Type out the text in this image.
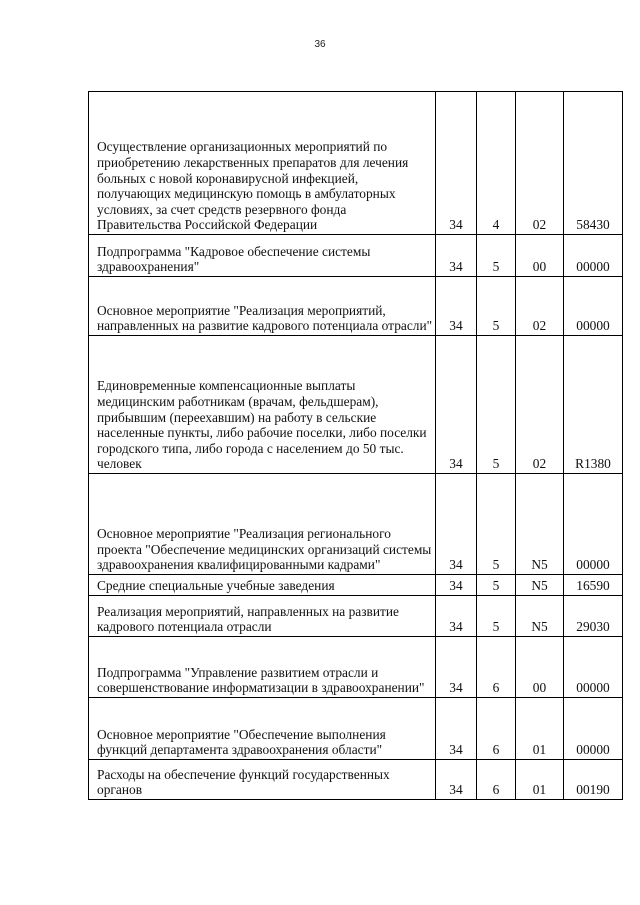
36
Осуществление организационных мероприятий по приобретению лекарственных препаратов для лечения больных с новой коронавирусной инфекцией, получающих медицинскую помощь в амбулаторных условиях, за счет средств резервного фонда Правительства Российской Федерации	34	4	02	58430
Подпрограмма "Кадровое обеспечение системы здравоохранения"	34	5	00	00000
Основное мероприятие "Реализация мероприятий, направленных на развитие кадрового потенциала отрасли"	34	5	02	00000
Единовременные компенсационные выплаты медицинским работникам (врачам, фельдшерам), прибывшим (переехавшим) на работу в сельские населенные пункты, либо рабочие поселки, либо поселки городского типа, либо города с населением до 50 тыс. человек	34	5	02	R1380
Основное мероприятие "Реализация регионального проекта "Обеспечение медицинских организаций системы здравоохранения квалифицированными кадрами"	34	5	N5	00000
Средние специальные учебные заведения	34	5	N5	16590
Реализация мероприятий, направленных на развитие кадрового потенциала отрасли	34	5	N5	29030
Подпрограмма "Управление развитием отрасли и совершенствование информатизации в здравоохранении"	34	6	00	00000
Основное мероприятие "Обеспечение выполнения функций департамента здравоохранения области"	34	6	01	00000
Расходы на обеспечение функций государственных органов	34	6	01	00190
